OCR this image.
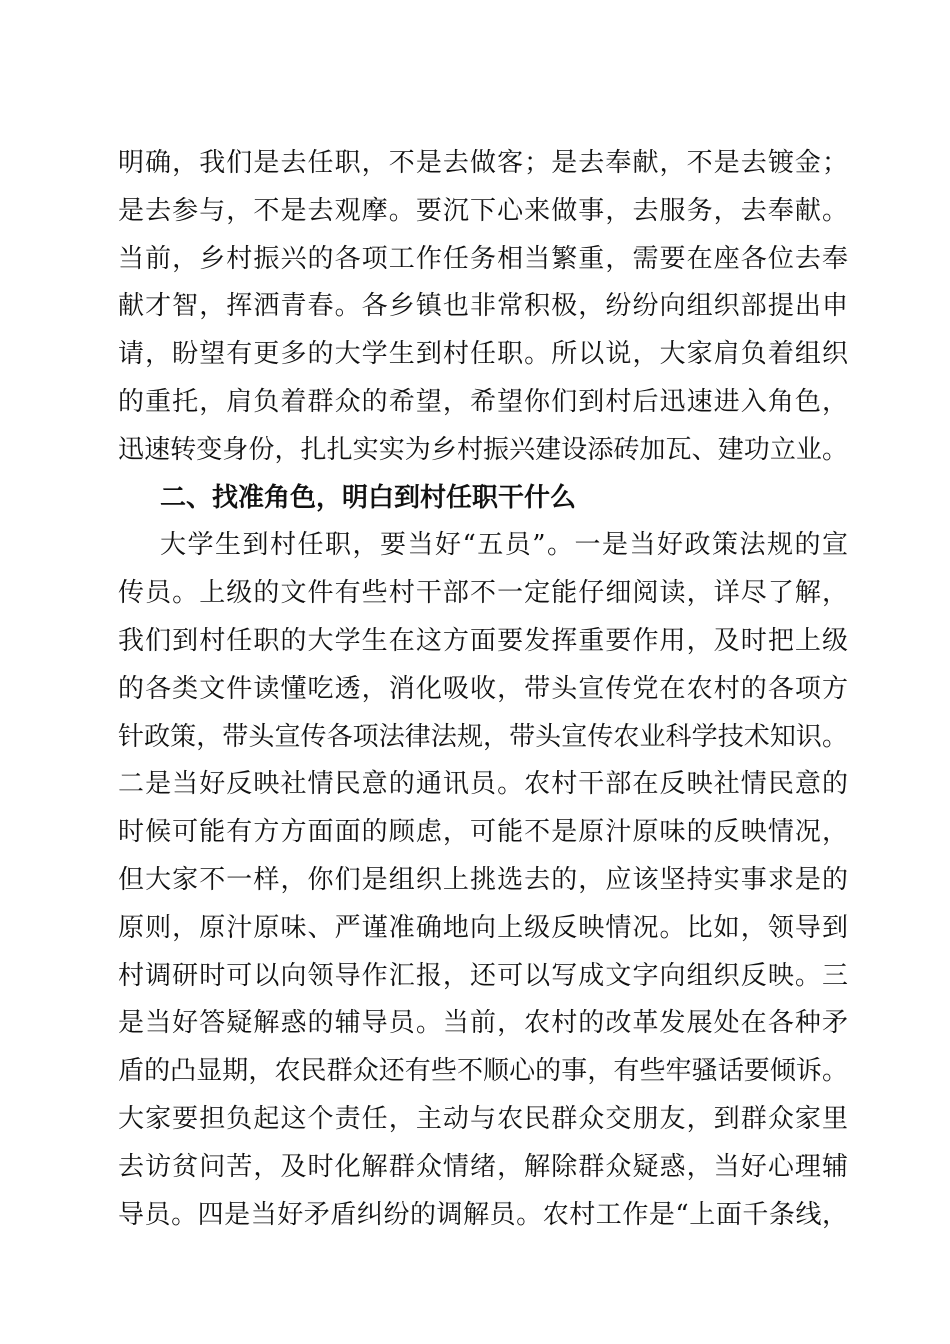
明确，我们是去任职，不是去做客；是去奉献，不是去镀金；
是去参与，不是去观摩。要沉下心来做事，去服务，去奉献。
当前，乡村振兴的各项工作任务相当繁重，需要在座各位去奉
献才智，挥洒青春。各乡镇也非常积极，纷纷向组织部提出申
请，盼望有更多的大学生到村任职。所以说，大家肩负着组织
的重托，肩负着群众的希望，希望你们到村后迅速进入角色，
迅速转变身份，扎扎实实为乡村振兴建设添砖加瓦、建功立业。
二、找准角色，明白到村任职干什么
大学生到村任职，要当好“五员”。一是当好政策法规的宣
传员。上级的文件有些村干部不一定能仔细阅读，详尽了解，
我们到村任职的大学生在这方面要发挥重要作用，及时把上级
的各类文件读懂吃透，消化吸收，带头宣传党在农村的各项方
针政策，带头宣传各项法律法规，带头宣传农业科学技术知识。
二是当好反映社情民意的通讯员。农村干部在反映社情民意的
时候可能有方方面面的顾虑，可能不是原汁原味的反映情况，
但大家不一样，你们是组织上挑选去的，应该坚持实事求是的
原则，原汁原味、严谨准确地向上级反映情况。比如，领导到
村调研时可以向领导作汇报，还可以写成文字向组织反映。三
是当好答疑解惑的辅导员。当前，农村的改革发展处在各种矛
盾的凸显期，农民群众还有些不顺心的事，有些牢骚话要倾诉。
大家要担负起这个责任，主动与农民群众交朋友，到群众家里
去访贫问苦，及时化解群众情绪，解除群众疑惑，当好心理辅
导员。四是当好矛盾纠纷的调解员。农村工作是“上面千条线，
